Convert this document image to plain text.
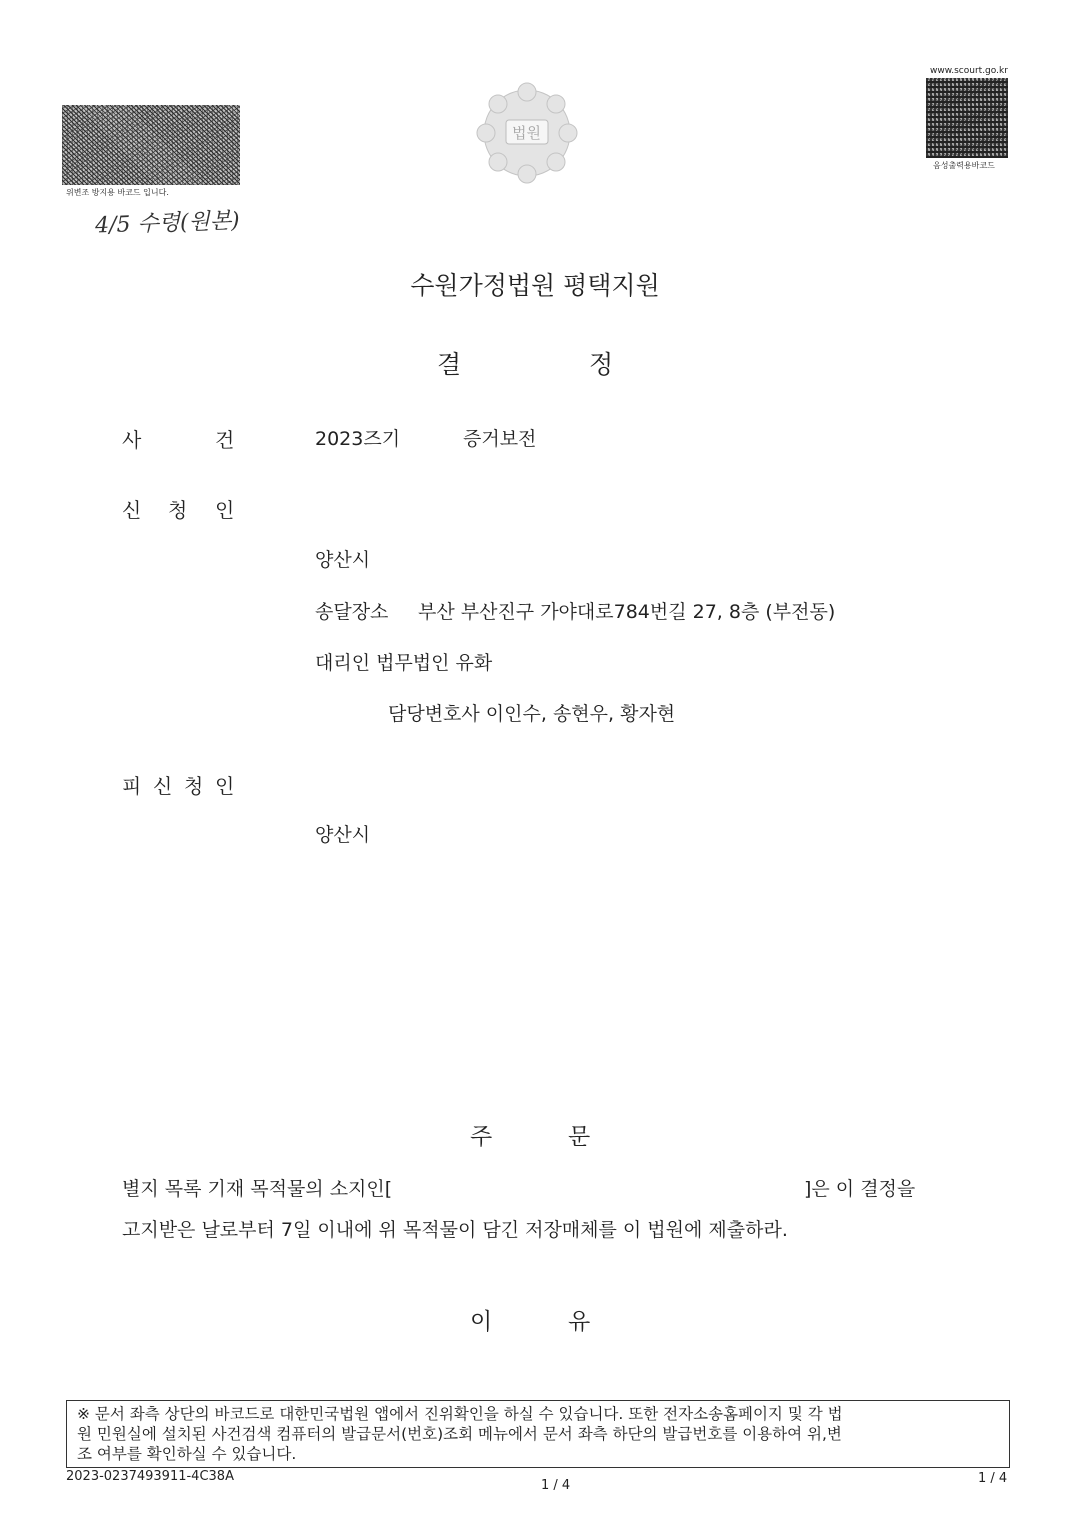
위변조 방지용 바코드 입니다.
4/5 수령(원본)
법원
www.scourt.go.kr
음성출력용바코드
수원가정법원 평택지원
결	정
사	건	2023즈기	증거보전
신 청 인
양산시
송달장소 부산 부산진구 가야대로784번길 27, 8층 (부전동)
대리인 법무법인 유화
담당변호사 이인수, 송현우, 황자현
피 신 청 인
양산시
주	문
별지 목록 기재 목적물의 소지인[	]은 이 결정을
고지받은 날로부터 7일 이내에 위 목적물이 담긴 저장매체를 이 법원에 제출하라.
이	유
※ 문서 좌측 상단의 바코드로 대한민국법원 앱에서 진위확인을 하실 수 있습니다. 또한 전자소송홈페이지 및 각 법
원 민원실에 설치된 사건검색 컴퓨터의 발급문서(번호)조회 메뉴에서 문서 좌측 하단의 발급번호를 이용하여 위,변
조 여부를 확인하실 수 있습니다.
2023-0237493911-4C38A
1 / 4	1 / 4
